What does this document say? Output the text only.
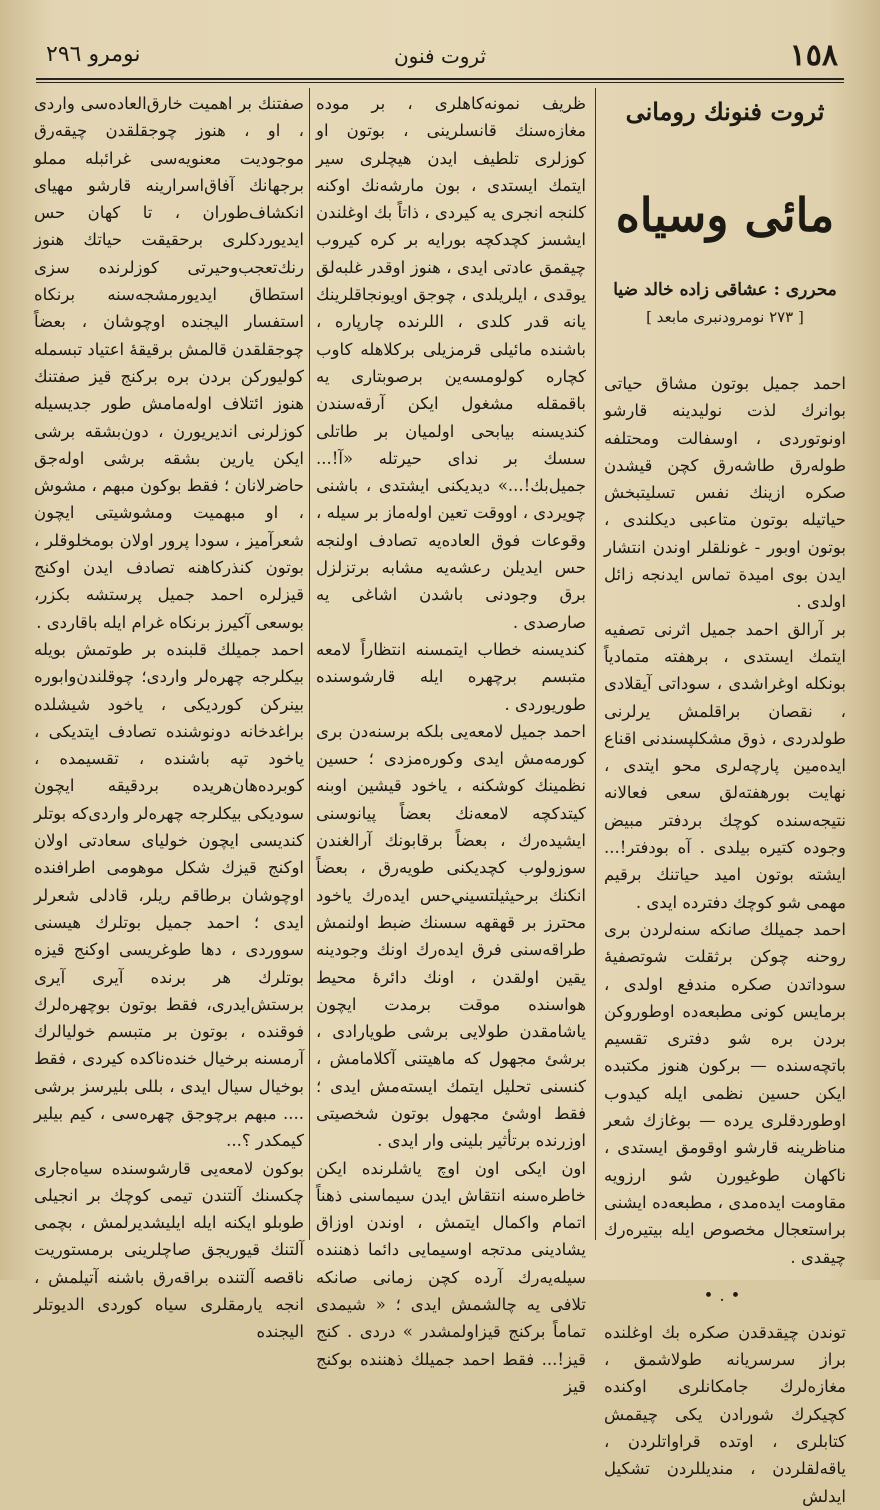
١٥٨
ثروت فنون
نومرو ٢٩٦
ثروت فنونك رومانى
مائى وسياه
محررى : عشاقى زاده خالد ضيا
[ ٢٧٣ نومرودنبرى مابعد ]

احمد جميل بوتون مشاق حياتى بوانرك لذت نوليدينه قارشو اونوتوردى ، اوسفالت ومحتلفه طوله‌رق طاشه‌رق كچن قيشدن صكره ازينك نفس تسليتبخش حياتيله بوتون متاعبى ديكلندى ، بوتون اوبور - غونلقلر اوندن انتشار ايدن بوى اميدة تماس ايدنجه زائل اولدى .

بر آرالق احمد جميل اثرنى تصفيه ايتمك ايستدى ، برهفته متمادياً بونكله اوغراشدى ، سوداتى آيقلادى ، نقصان براقلمش يرلرنى طولدردى ، ذوق مشكلپسندنى اقناع ايده‌مين پارچه‌لرى محو ايتدى ، نهايت بورهفته‌لق سعى فعالانه نتيجه‌سنده كوچك بردفتر مبيض وجوده كتيره بيلدى . آه بودفتر!... ايشته بوتون اميد حياتنك برقيم مهمى شو كوچك دفترده ايدى .

احمد جميلك صانكه سنه‌لردن برى روحنه چوكن برثقلت شوتصفيه‌ٔ سوداتدن صكره مندفع اولدى ، برمايس كونى مطبعه‌ده اوطوروكن بردن بره شو دفترى تقسيم باتچه‌سنده — بركون هنوز مكتبده ايكن حسين نظمى ايله كيدوب اوطوردقلرى يرده — بوغازك شعر مناظرينه قارشو اوقومق ايستدى ، ناكهان طوغيورن شو ارزويه مقاومت ايده‌مدى ، مطبعه‌ده ايشنى براستعجال مخصوص ايله بيتيره‌رك چيقدى .

•.•

توندن چيقدقدن صكره بك اوغلنده براز سرسريانه طولاشمق ، مغازه‌لرك جامكانلرى اوكنده كچيكرك شورادن يكى چيقمش كتابلرى ، اوتده قراواتلردن ، ياقه‌لقلردن ، منديللردن تشكيل ايدلش

ظريف نمونه‌كاهلرى ، بر موده مغازه‌سنك قانسلرينى ، بوتون او كوزلرى تلطيف ايدن هيچلرى سير ايتمك ايستدى ، بون مارشه‌نك اوكنه كلنجه انجرى يه كيردى ، ذاتاً بك اوغلندن ايشسز كچدكچه بورايه بر كره كيروب چيقمق عادتى ايدى ، هنوز اوقدر غلبه‌لق يوقدى ، ايلريلدى ، چوجق اويونجاقلرينك يانه قدر كلدى ، اللرنده چارپاره ، باشنده مائيلى قرمزيلى بركلاهله كاوب كچاره كولومسه‌ين برصوبتارى يه باقمقله مشغول ايكن آرقه‌سندن كنديسنه بيابحى اولميان بر طاتلى سسك بر نداى حيرتله «آ!... جميل‌بك!...» ديديكنى ايشتدى ، باشنى چويردى ، اووقت تعين اوله‌ماز بر سيله ، وقوعات فوق العاده‌يه تصادف اولنجه حس ايديلن رعشه‌يه مشابه برتزلزل برق وجودنى باشدن اشاغى يه صارصدى .

كنديسنه خطاب ايتمسنه انتظاراً لامعه متبسم برچهره ايله قارشوسنده طوريوردى .

احمد جميل لامعه‌يى بلكه برسنه‌دن برى كورمه‌مش ايدى وكوره‌مزدى ؛ حسين نظمينك كوشكنه ، ياخود قيشين اوبنه كيتدكچه لامعه‌نك بعضاً پيانوسنى ايشيده‌رك ، بعضاً برقابونك آرالغندن سوزولوب كچديكنى طويه‌رق ، بعضاً انكنك برحيثيلتسيني‌حس ايده‌رك ياخود محترز بر قهقهه سسنك ضبط اولنمش طراقه‌سنى فرق ايده‌رك اونك وجودينه يقين اولقدن ، اونك دائرهٔ محيط هواسنده موقت برمدت ايچون ياشامقدن طولايى برشى طويارادى ، برشئ مجهول كه ماهيتنى آكلامامش ، كنسنى تحليل ايتمك ايسته‌مش ايدى ؛ فقط اوشئ مجهول بوتون شخصيتى اوزرنده برتأثير بلينى وار ايدى .

اون ايكى اون اوچ ياشلرنده ايكن خاطره‌سنه انتقاش ايدن سيماسنى ذهناً اتمام واكمال ايتمش ، اوندن اوزاق يشادينى مدتجه اوسيمايى دائما ذهننده سيله‌يه‌رك آرده كچن زمانى صانكه تلافى يه چالشمش ايدى ؛ « شيمدى تماماً بركنج قيزاولمشدر » دردى . كنج قيز!... فقط احمد جميلك ذهننده بوكنج قيز

صفتنك بر اهميت خارق‌العاده‌سى واردى ، او ، هنوز چوجقلقدن چيقه‌رق موجوديت معنويه‌سى غرائبله مملو برجهانك آفاق‌اسرارينه قارشو مهياى انكشاف‌طوران ، تا كهان حس ايديوردكلرى برحقيقت حياتك هنوز رنك‌تعجب‌وحيرتى كوزلرنده سزى استطاق ايديورمشجه‌سنه برنكاه استفسار اليجنده اوچوشان ، بعضاً چوجقلقدن قالمش برقيقهٔ اعتياد تبسمله كوليوركن بردن بره بركنج قيز صفتنك هنوز ائتلاف اوله‌مامش طور جديسيله كوزلرنى انديريورن ، دون‌بشقه برشى ايكن يارين بشقه برشى اوله‌جق حاضرلانان ؛ فقط بوكون مبهم ، مشوش ، او مبهميت ومشوشيتى ايچون شعرآميز ، سودا پرور اولان بومخلوقلر ، بوتون كنذركاهنه تصادف ايدن اوكنج قيزلره احمد جميل پرستشه بكزر، بوسعى آكيرز برنكاه غرام ايله باقاردى .

احمد جميلك قلبنده بر طوتمش بويله بيكلرجه چهره‌لر واردى؛ چوقلندن‌وابوره بينركن كورديكى ، ياخود شيشلده براغدخانه دونوشنده تصادف ايتديكى ، ياخود تپه باشنده ، تقسيمده ، كوبرده‌هان‌هريده بردقيقه ايچون سوديكى بيكلرجه چهره‌لر واردى‌كه بوتلر كنديسى ايچون خوليای سعادتى اولان اوكنج قيزك شكل موهومى اطرافنده اوچوشان برطاقم ريلر، قادلى شعرلر ايدى ؛ احمد جميل بوتلرك هيسنى سووردى ، دها طوغريسى اوكنج قيزه بوتلرك هر برنده آيرى آيرى برستش‌ايدرى، فقط بوتون بوچهره‌لرك فوقنده ، بوتون بر متبسم خوليالرك آرمسنه برخيال خنده‌ناكده كيردى ، فقط بوخيال سيال ايدى ، بللى بليرسز برشى .... مبهم برچوجق چهره‌سى ، كيم بيلير كيمكدر ؟...

بوكون لامعه‌يى قارشوسنده سياه‌جارى چكسنك آلتندن تيمى كوچك بر انجيلى طوبلو ايكنه ايله ايليشدير‌لمش ، بچمى آلتنك قيوريجق صاچلرينى برمستوريت ناقصه آلتنده براقه‌رق باشنه آتيلمش ، انجه يارمقلرى سياه كوردى الديوتلر اليجنده
